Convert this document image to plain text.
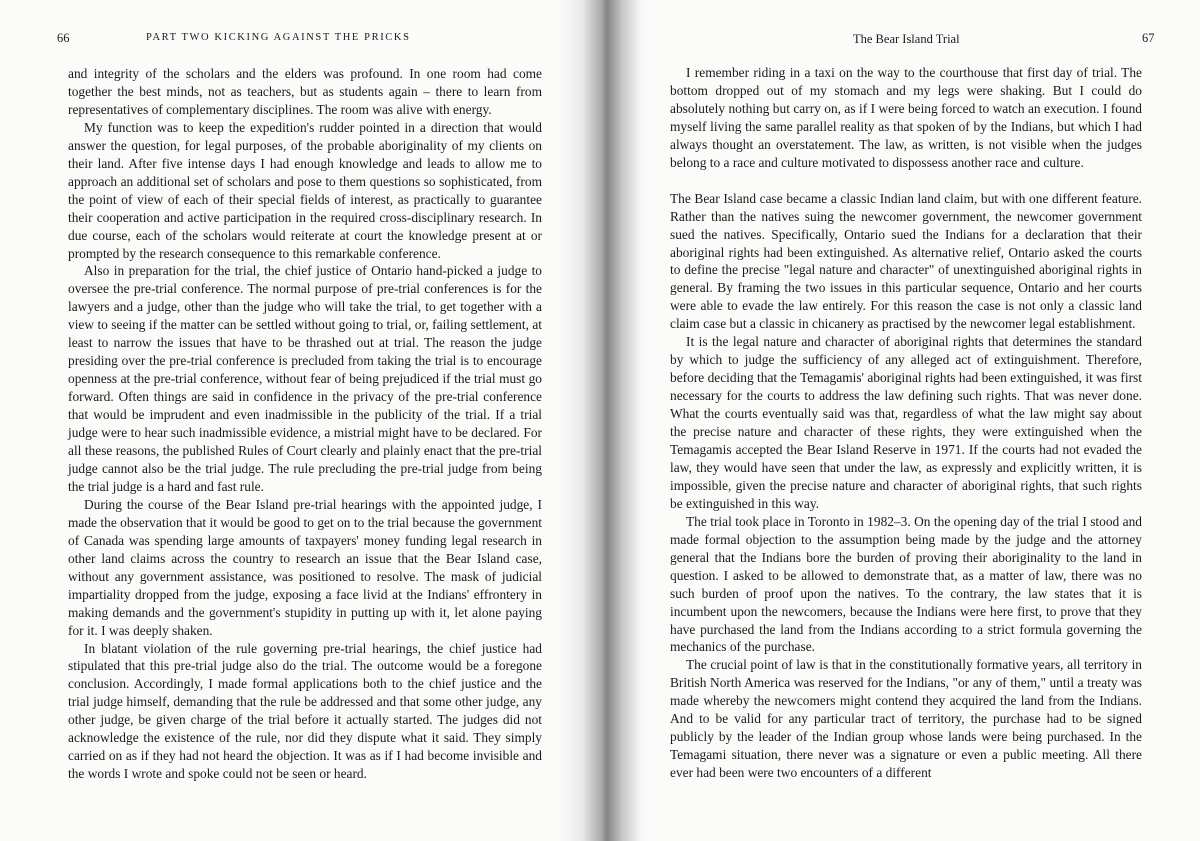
66	PART TWO KICKING AGAINST THE PRICKS

and integrity of the scholars and the elders was profound. In one room had come together the best minds, not as teachers, but as students again – there to learn from representatives of complementary disciplines. The room was alive with energy.

My function was to keep the expedition's rudder pointed in a direction that would answer the question, for legal purposes, of the probable aboriginality of my clients on their land. After five intense days I had enough knowledge and leads to allow me to approach an additional set of scholars and pose to them questions so sophisticated, from the point of view of each of their special fields of interest, as practically to guarantee their cooperation and active participation in the required cross-disciplinary research. In due course, each of the scholars would reiterate at court the knowledge present at or prompted by the research consequence to this remarkable conference.

Also in preparation for the trial, the chief justice of Ontario hand-picked a judge to oversee the pre-trial conference. The normal purpose of pre-trial conferences is for the lawyers and a judge, other than the judge who will take the trial, to get together with a view to seeing if the matter can be settled without going to trial, or, failing settlement, at least to narrow the issues that have to be thrashed out at trial. The reason the judge presiding over the pre-trial conference is precluded from taking the trial is to encourage openness at the pre-trial conference, without fear of being prejudiced if the trial must go forward. Often things are said in confidence in the privacy of the pre-trial conference that would be imprudent and even inadmissible in the publicity of the trial. If a trial judge were to hear such inadmissible evidence, a mistrial might have to be declared. For all these reasons, the published Rules of Court clearly and plainly enact that the pre-trial judge cannot also be the trial judge. The rule precluding the pre-trial judge from being the trial judge is a hard and fast rule.

During the course of the Bear Island pre-trial hearings with the appointed judge, I made the observation that it would be good to get on to the trial because the government of Canada was spending large amounts of taxpayers' money funding legal research in other land claims across the country to research an issue that the Bear Island case, without any government assistance, was positioned to resolve. The mask of judicial impartiality dropped from the judge, exposing a face livid at the Indians' effrontery in making demands and the government's stupidity in putting up with it, let alone paying for it. I was deeply shaken.

In blatant violation of the rule governing pre-trial hearings, the chief justice had stipulated that this pre-trial judge also do the trial. The outcome would be a foregone conclusion. Accordingly, I made formal applications both to the chief justice and the trial judge himself, demanding that the rule be addressed and that some other judge, any other judge, be given charge of the trial before it actually started. The judges did not acknowledge the existence of the rule, nor did they dispute what it said. They simply carried on as if they had not heard the objection. It was as if I had become invisible and the words I wrote and spoke could not be seen or heard.

The Bear Island Trial	67

I remember riding in a taxi on the way to the courthouse that first day of trial. The bottom dropped out of my stomach and my legs were shaking. But I could do absolutely nothing but carry on, as if I were being forced to watch an execution. I found myself living the same parallel reality as that spoken of by the Indians, but which I had always thought an overstatement. The law, as written, is not visible when the judges belong to a race and culture motivated to dispossess another race and culture.

The Bear Island case became a classic Indian land claim, but with one different feature. Rather than the natives suing the newcomer government, the newcomer government sued the natives. Specifically, Ontario sued the Indians for a declaration that their aboriginal rights had been extinguished. As alternative relief, Ontario asked the courts to define the precise "legal nature and character" of unextinguished aboriginal rights in general. By framing the two issues in this particular sequence, Ontario and her courts were able to evade the law entirely. For this reason the case is not only a classic land claim case but a classic in chicanery as practised by the newcomer legal establishment.

It is the legal nature and character of aboriginal rights that determines the standard by which to judge the sufficiency of any alleged act of extinguishment. Therefore, before deciding that the Temagamis' aboriginal rights had been extinguished, it was first necessary for the courts to address the law defining such rights. That was never done. What the courts eventually said was that, regardless of what the law might say about the precise nature and character of these rights, they were extinguished when the Temagamis accepted the Bear Island Reserve in 1971. If the courts had not evaded the law, they would have seen that under the law, as expressly and explicitly written, it is impossible, given the precise nature and character of aboriginal rights, that such rights be extinguished in this way.

The trial took place in Toronto in 1982–3. On the opening day of the trial I stood and made formal objection to the assumption being made by the judge and the attorney general that the Indians bore the burden of proving their aboriginality to the land in question. I asked to be allowed to demonstrate that, as a matter of law, there was no such burden of proof upon the natives. To the contrary, the law states that it is incumbent upon the newcomers, because the Indians were here first, to prove that they have purchased the land from the Indians according to a strict formula governing the mechanics of the purchase.

The crucial point of law is that in the constitutionally formative years, all territory in British North America was reserved for the Indians, "or any of them," until a treaty was made whereby the newcomers might contend they acquired the land from the Indians. And to be valid for any particular tract of territory, the purchase had to be signed publicly by the leader of the Indian group whose lands were being purchased. In the Temagami situation, there never was a signature or even a public meeting. All there ever had been were two encounters of a different
